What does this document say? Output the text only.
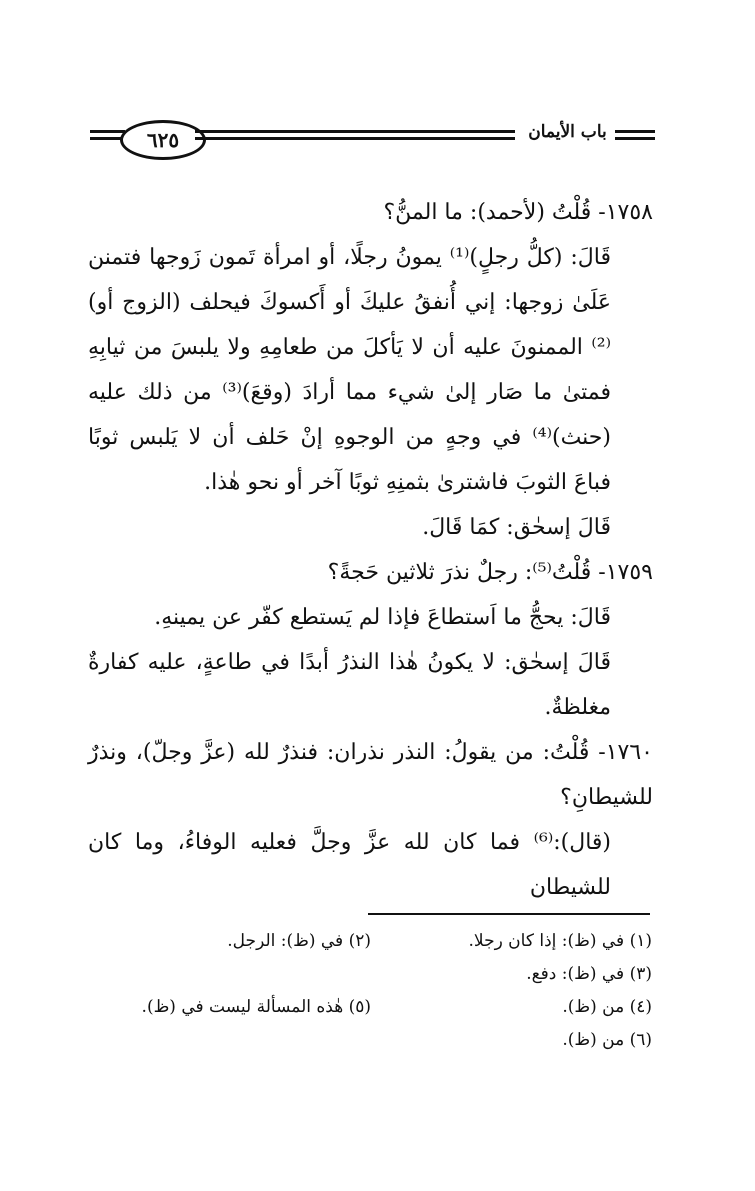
٦٢٥	باب الأيمان

١٧٥٨- قُلْتُ (لأحمد): ما المنُّ؟

قَالَ: (كلُّ رجلٍ)⁽¹⁾ يمونُ رجلًا، أو امرأة تَمون زَوجها فتمنن عَلَىٰ زوجها: إني أُنفقُ عليكَ أو أَكسوكَ فيحلف (الزوج أو)⁽²⁾ الممنونَ عليه أن لا يَأكلَ من طعامِهِ ولا يلبسَ من ثيابِهِ فمتىٰ ما صَار إلىٰ شيء مما أرادَ (وقعَ)⁽³⁾ من ذلك عليه (حنث)⁽⁴⁾ في وجهٍ من الوجوهِ إنْ حَلف أن لا يَلبس ثوبًا فباعَ الثوبَ فاشترىٰ بثمنِهِ ثوبًا آخر أو نحو هٰذا.

قَالَ إسحٰق: كمَا قَالَ.

١٧٥٩- قُلْتُ⁽⁵⁾: رجلٌ نذرَ ثلاثين حَجةً؟

قَالَ: يحجُّ ما اَستطاعَ فإذا لم يَستطع كفّر عن يمينهِ.

قَالَ إسحٰق: لا يكونُ هٰذا النذرُ أبدًا في طاعةٍ، عليه كفارةٌ مغلظةٌ.

١٧٦٠- قُلْتُ: من يقولُ: النذر نذران: فنذرٌ لله (عزَّ وجلّ)، ونذرٌ للشيطانِ؟

(قال):⁽⁶⁾ فما كان لله عزَّ وجلَّ فعليه الوفاءُ، وما كان للشيطان

(١) في (ظ): إذا كان رجلا.
(٢) في (ظ): الرجل.
(٣) في (ظ): دفع.
(٤) من (ظ).
(٥) هٰذه المسألة ليست في (ظ).
(٦) من (ظ).
